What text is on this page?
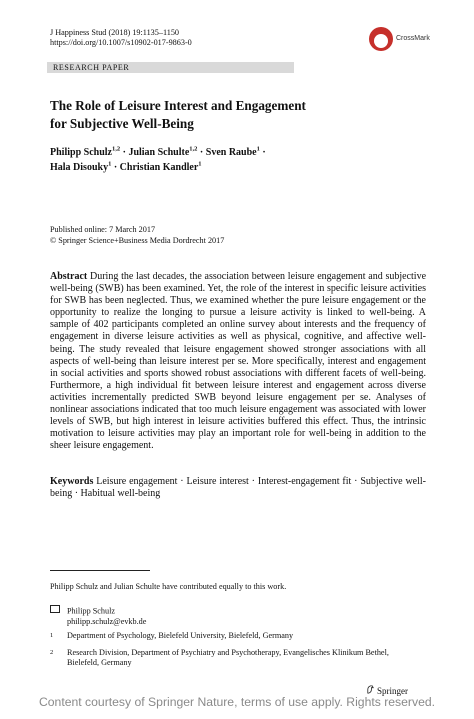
J Happiness Stud (2018) 19:1135–1150
https://doi.org/10.1007/s10902-017-9863-0	CrossMark
RESEARCH PAPER
The Role of Leisure Interest and Engagement
for Subjective Well-Being
Philipp Schulz$^{1,2}$ · Julian Schulte$^{1,2}$ · Sven Raube$^1$ ·
Hala Disouky$^1$ · Christian Kandler$^1$
Published online: 7 March 2017
© Springer Science+Business Media Dordrecht 2017
Abstract During the last decades, the association between leisure engagement and subjective well-being (SWB) has been examined. Yet, the role of the interest in specific leisure activities for SWB has been neglected. Thus, we examined whether the pure leisure engagement or the opportunity to realize the longing to pursue a leisure activity is linked to well-being. A sample of 402 participants completed an online survey about interests and the frequency of engagement in diverse leisure activities as well as physical, cognitive, and affective well-being. The study revealed that leisure engagement showed stronger associations with all aspects of well-being than leisure interest per se. More specifically, interest and engagement in social activities and sports showed robust associations with different facets of well-being. Furthermore, a high individual fit between leisure interest and engagement across diverse activities incrementally predicted SWB beyond leisure engagement per se. Analyses of nonlinear associations indicated that too much leisure engagement was associated with lower levels of SWB, but high interest in leisure activities buffered this effect. Thus, the intrinsic motivation to leisure activities may play an important role for well-being in addition to the sheer leisure engagement.
Keywords Leisure engagement · Leisure interest · Interest-engagement fit · Subjective well-being · Habitual well-being
Philipp Schulz and Julian Schulte have contributed equally to this work.
Philipp Schulz
philipp.schulz@evkb.de
1 Department of Psychology, Bielefeld University, Bielefeld, Germany
2 Research Division, Department of Psychiatry and Psychotherapy, Evangelisches Klinikum Bethel,
Bielefeld, Germany
Springer
Content courtesy of Springer Nature, terms of use apply. Rights reserved.
